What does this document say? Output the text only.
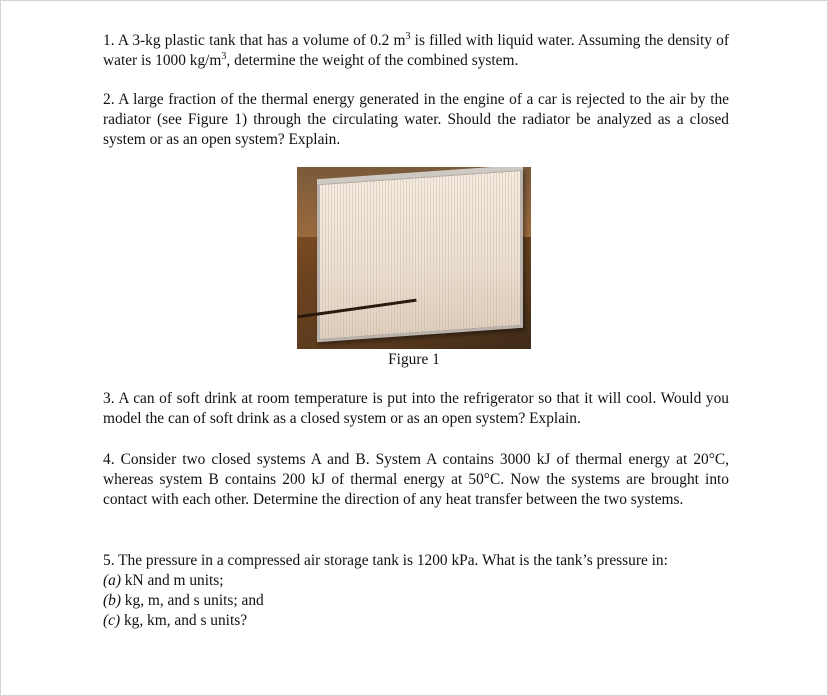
1. A 3-kg plastic tank that has a volume of 0.2 $m^3$ is filled with liquid water. Assuming the density of water is 1000 $kg/m^3$, determine the weight of the combined system.

2. A large fraction of the thermal energy generated in the engine of a car is rejected to the air by the radiator (see Figure 1) through the circulating water. Should the radiator be analyzed as a closed system or as an open system? Explain.

Figure 1

3. A can of soft drink at room temperature is put into the refrigerator so that it will cool. Would you model the can of soft drink as a closed system or as an open system? Explain.

4. Consider two closed systems A and B. System A contains 3000 kJ of thermal energy at 20°C, whereas system B contains 200 kJ of thermal energy at 50°C. Now the systems are brought into contact with each other. Determine the direction of any heat transfer between the two systems.

5. The pressure in a compressed air storage tank is 1200 kPa. What is the tank’s pressure in:

(a) kN and m units;
(b) kg, m, and s units; and
(c) kg, km, and s units?
